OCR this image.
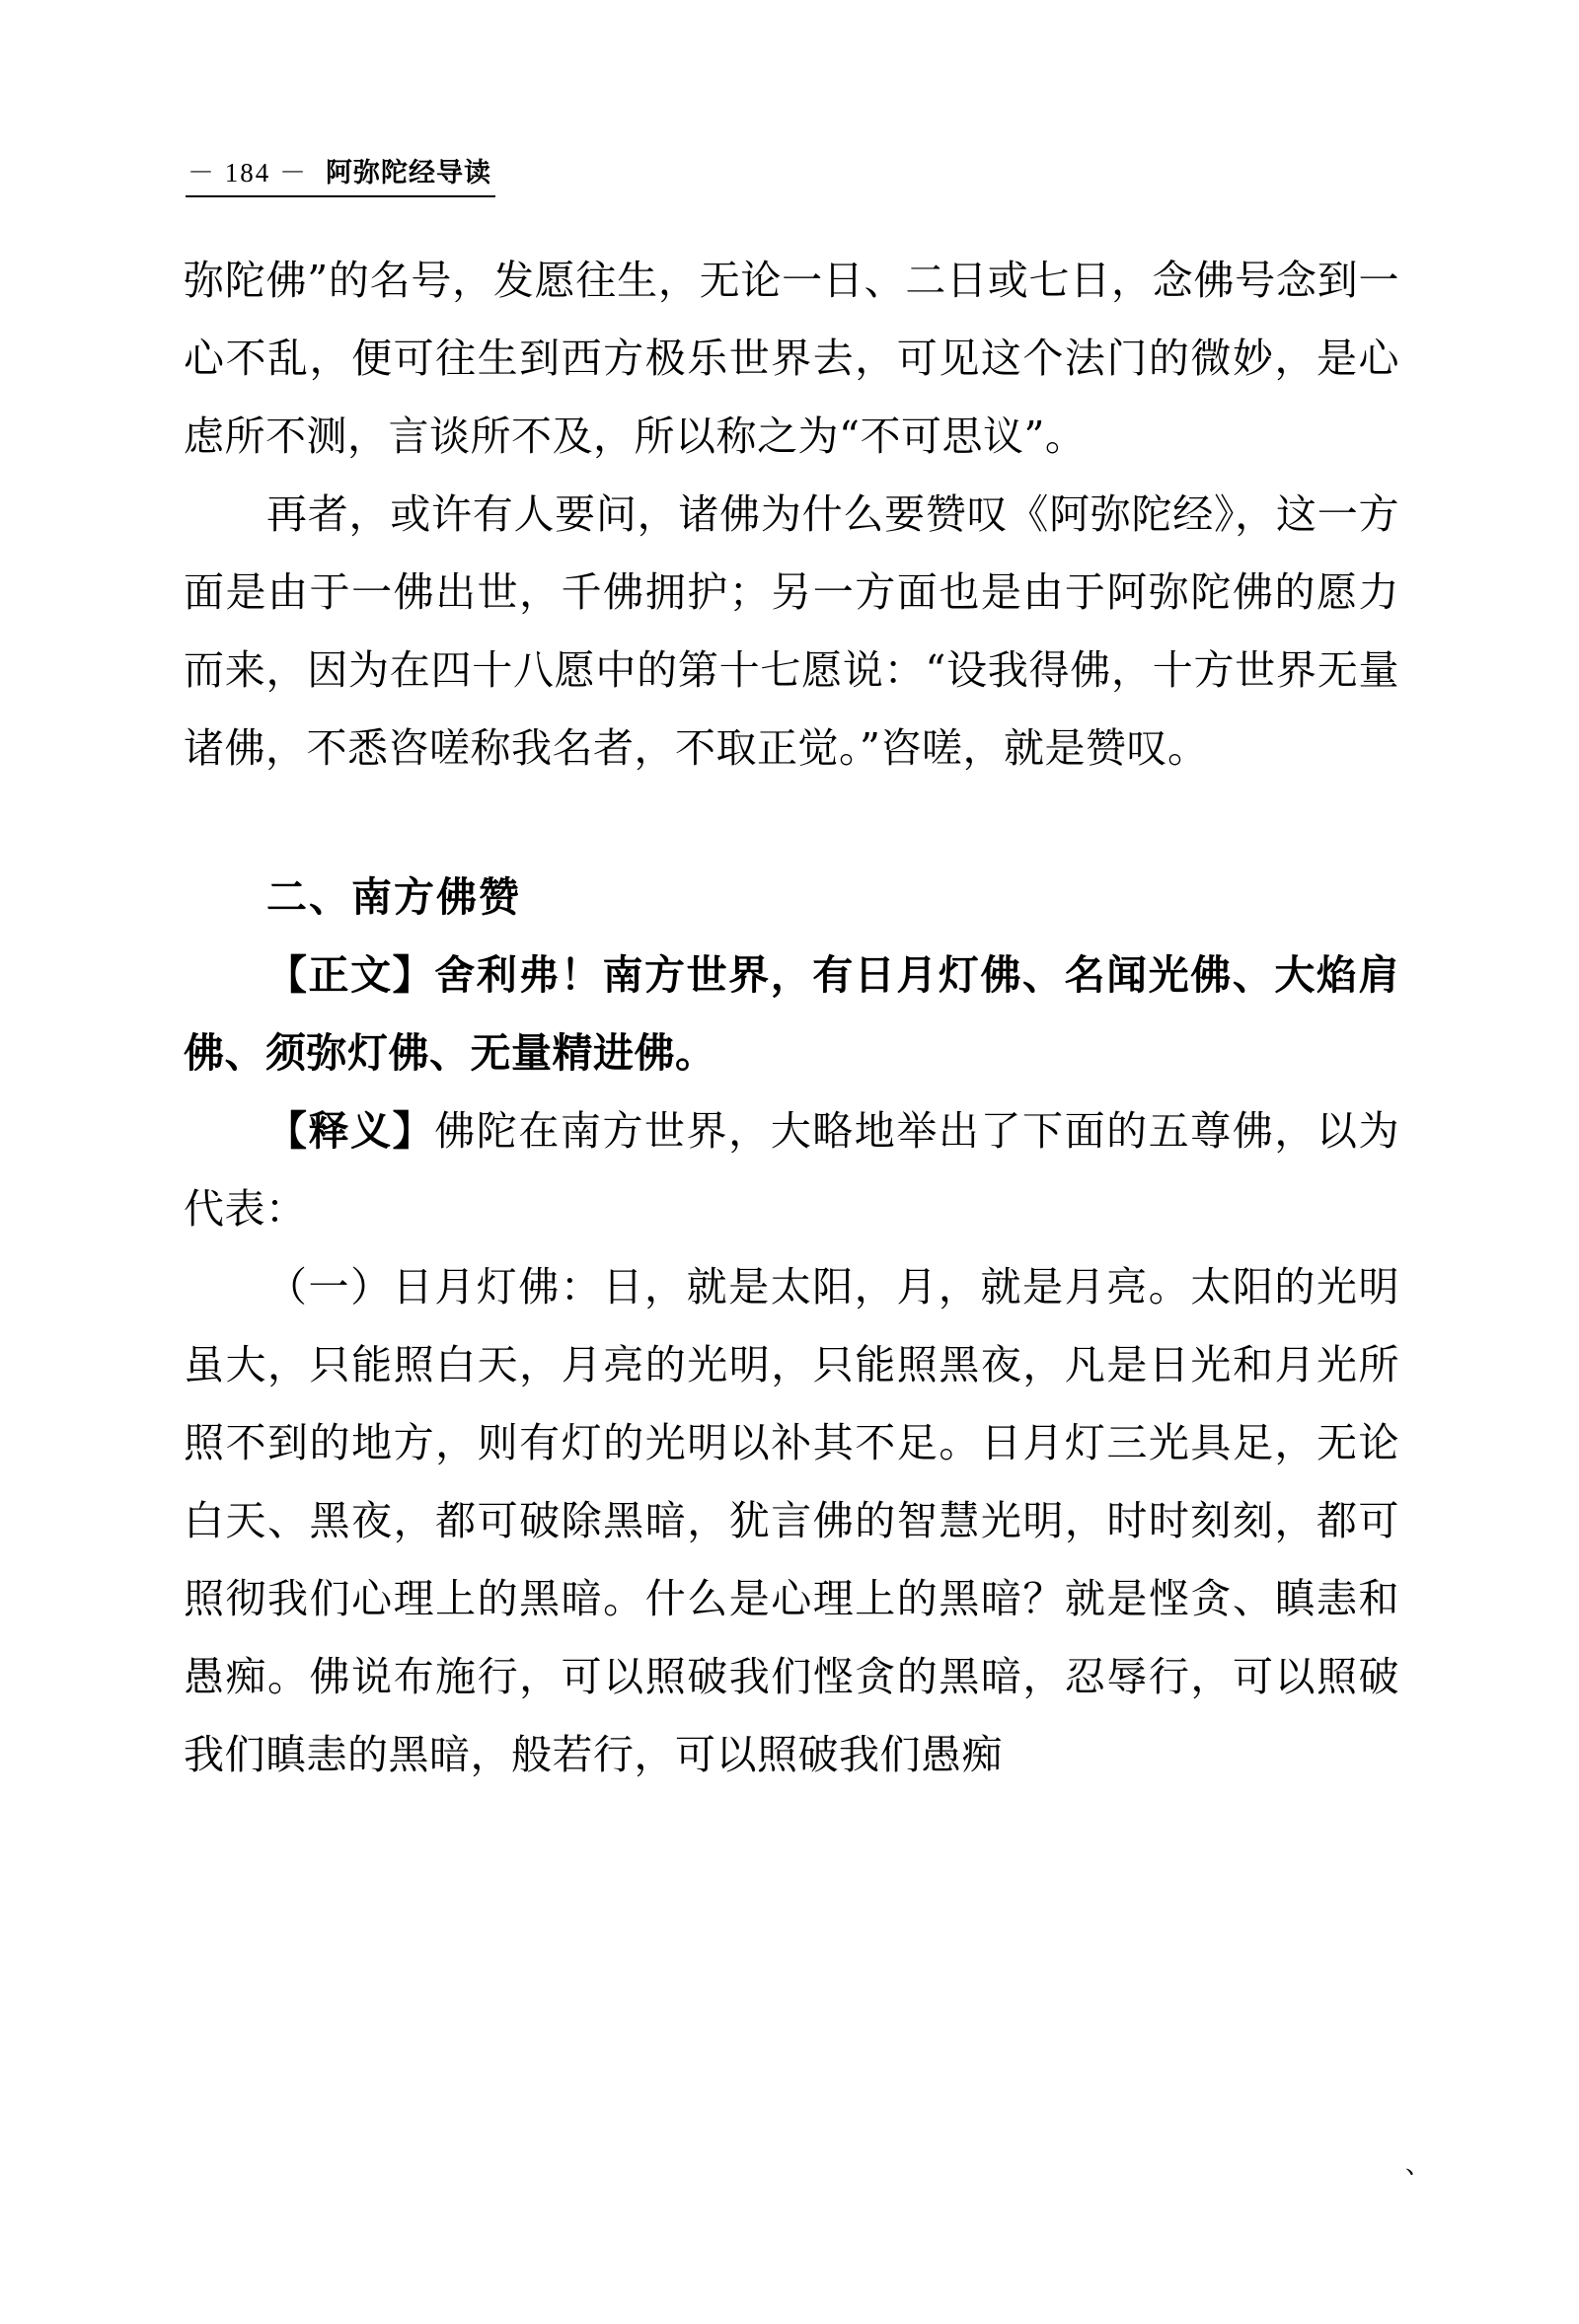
－ 184 － 阿弥陀经导读

弥陀佛”的名号，发愿往生，无论一日、二日或七日，念佛号念到一心不乱，便可往生到西方极乐世界去，可见这个法门的微妙，是心虑所不测，言谈所不及，所以称之为“不可思议”。

再者，或许有人要问，诸佛为什么要赞叹《阿弥陀经》，这一方面是由于一佛出世，千佛拥护；另一方面也是由于阿弥陀佛的愿力而来，因为在四十八愿中的第十七愿说：“设我得佛，十方世界无量诸佛，不悉咨嗟称我名者，不取正觉。”咨嗟，就是赞叹。

二、南方佛赞

【正文】舍利弗！南方世界，有日月灯佛、名闻光佛、大焰肩佛、须弥灯佛、无量精进佛。

【释义】佛陀在南方世界，大略地举出了下面的五尊佛，以为代表：

（一）日月灯佛：日，就是太阳，月，就是月亮。太阳的光明虽大，只能照白天，月亮的光明，只能照黑夜，凡是日光和月光所照不到的地方，则有灯的光明以补其不足。日月灯三光具足，无论白天、黑夜，都可破除黑暗，犹言佛的智慧光明，时时刻刻，都可照彻我们心理上的黑暗。什么是心理上的黑暗？就是悭贪、瞋恚和愚痴。佛说布施行，可以照破我们悭贪的黑暗，忍辱行，可以照破我们瞋恚的黑暗，般若行，可以照破我们愚痴

、
